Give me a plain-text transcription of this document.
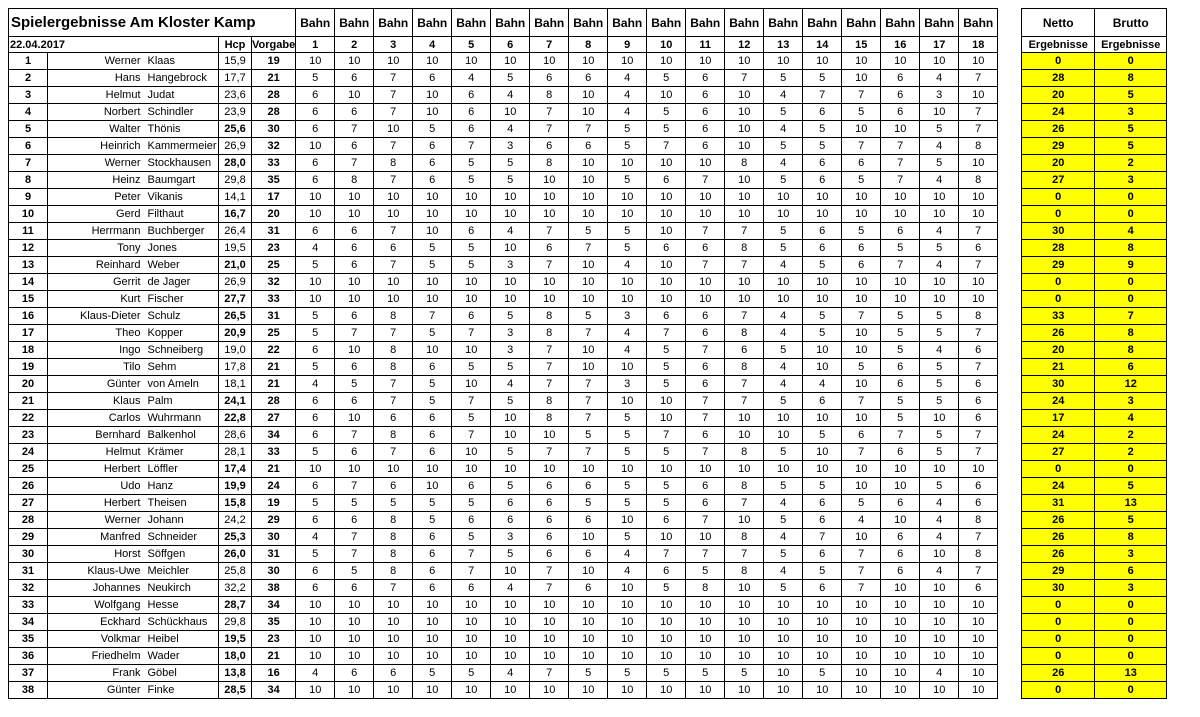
Spielergebnisse Am Kloster Kamp					Bahn	Bahn	Bahn	Bahn	Bahn	Bahn	Bahn	Bahn	Bahn	Bahn	Bahn	Bahn	Bahn	Bahn	Bahn	Bahn	Bahn	Bahn		Netto	Brutto
22.04.2017			Hcp	Vorgabe	1	2	3	4	5	6	7	8	9	10	11	12	13	14	15	16	17	18		Ergebnisse	Ergebnisse
1	Werner	Klaas	15,9	19	10	10	10	10	10	10	10	10	10	10	10	10	10	10	10	10	10	10		0	0
2	Hans	Hangebrock	17,7	21	5	6	7	6	4	5	6	6	4	5	6	7	5	5	10	6	4	7		28	8
3	Helmut	Judat	23,6	28	6	10	7	10	6	4	8	10	4	10	6	10	4	7	7	6	3	10		20	5
4	Norbert	Schindler	23,9	28	6	6	7	10	6	10	7	10	4	5	6	10	5	6	5	6	10	7		24	3
5	Walter	Thönis	25,6	30	6	7	10	5	6	4	7	7	5	5	6	10	4	5	10	10	5	7		26	5
6	Heinrich	Kammermeier	26,9	32	10	6	7	6	7	3	6	6	5	7	6	10	5	5	7	7	4	8		29	5
7	Werner	Stockhausen	28,0	33	6	7	8	6	5	5	8	10	10	10	10	8	4	6	6	7	5	10		20	2
8	Heinz	Baumgart	29,8	35	6	8	7	6	5	5	10	10	5	6	7	10	5	6	5	7	4	8		27	3
9	Peter	Vikanis	14,1	17	10	10	10	10	10	10	10	10	10	10	10	10	10	10	10	10	10	10		0	0
10	Gerd	Filthaut	16,7	20	10	10	10	10	10	10	10	10	10	10	10	10	10	10	10	10	10	10		0	0
11	Herrmann	Buchberger	26,4	31	6	6	7	10	6	4	7	5	5	10	7	7	5	6	5	6	4	7		30	4
12	Tony	Jones	19,5	23	4	6	6	5	5	10	6	7	5	6	6	8	5	6	6	5	5	6		28	8
13	Reinhard	Weber	21,0	25	5	6	7	5	5	3	7	10	4	10	7	7	4	5	6	7	4	7		29	9
14	Gerrit	de Jager	26,9	32	10	10	10	10	10	10	10	10	10	10	10	10	10	10	10	10	10	10		0	0
15	Kurt	Fischer	27,7	33	10	10	10	10	10	10	10	10	10	10	10	10	10	10	10	10	10	10		0	0
16	Klaus-Dieter	Schulz	26,5	31	5	6	8	7	6	5	8	5	3	6	6	7	4	5	7	5	5	8		33	7
17	Theo	Kopper	20,9	25	5	7	7	5	7	3	8	7	4	7	6	8	4	5	10	5	5	7		26	8
18	Ingo	Schneiberg	19,0	22	6	10	8	10	10	3	7	10	4	5	7	6	5	10	10	5	4	6		20	8
19	Tilo	Sehm	17,8	21	5	6	8	6	5	5	7	10	10	5	6	8	4	10	5	6	5	7		21	6
20	Günter	von Ameln	18,1	21	4	5	7	5	10	4	7	7	3	5	6	7	4	4	10	6	5	6		30	12
21	Klaus	Palm	24,1	28	6	6	7	5	7	5	8	7	10	10	7	7	5	6	7	5	5	6		24	3
22	Carlos	Wuhrmann	22,8	27	6	10	6	6	5	10	8	7	5	10	7	10	10	10	10	5	10	6		17	4
23	Bernhard	Balkenhol	28,6	34	6	7	8	6	7	10	10	5	5	7	6	10	10	5	6	7	5	7		24	2
24	Helmut	Krämer	28,1	33	5	6	7	6	10	5	7	7	5	5	7	8	5	10	7	6	5	7		27	2
25	Herbert	Löffler	17,4	21	10	10	10	10	10	10	10	10	10	10	10	10	10	10	10	10	10	10		0	0
26	Udo	Hanz	19,9	24	6	7	6	10	6	5	6	6	5	5	6	8	5	5	10	10	5	6		24	5
27	Herbert	Theisen	15,8	19	5	5	5	5	5	6	6	5	5	5	6	7	4	6	5	6	4	6		31	13
28	Werner	Johann	24,2	29	6	6	8	5	6	6	6	6	10	6	7	10	5	6	4	10	4	8		26	5
29	Manfred	Schneider	25,3	30	4	7	8	6	5	3	6	10	5	10	10	8	4	7	10	6	4	7		26	8
30	Horst	Söffgen	26,0	31	5	7	8	6	7	5	6	6	4	7	7	7	5	6	7	6	10	8		26	3
31	Klaus-Uwe	Meichler	25,8	30	6	5	8	6	7	10	7	10	4	6	5	8	4	5	7	6	4	7		29	6
32	Johannes	Neukirch	32,2	38	6	6	7	6	6	4	7	6	10	5	8	10	5	6	7	10	10	6		30	3
33	Wolfgang	Hesse	28,7	34	10	10	10	10	10	10	10	10	10	10	10	10	10	10	10	10	10	10		0	0
34	Eckhard	Schückhaus	29,8	35	10	10	10	10	10	10	10	10	10	10	10	10	10	10	10	10	10	10		0	0
35	Volkmar	Heibel	19,5	23	10	10	10	10	10	10	10	10	10	10	10	10	10	10	10	10	10	10		0	0
36	Friedhelm	Wader	18,0	21	10	10	10	10	10	10	10	10	10	10	10	10	10	10	10	10	10	10		0	0
37	Frank	Göbel	13,8	16	4	6	6	5	5	4	7	5	5	5	5	5	10	5	10	10	4	10		26	13
38	Günter	Finke	28,5	34	10	10	10	10	10	10	10	10	10	10	10	10	10	10	10	10	10	10		0	0
